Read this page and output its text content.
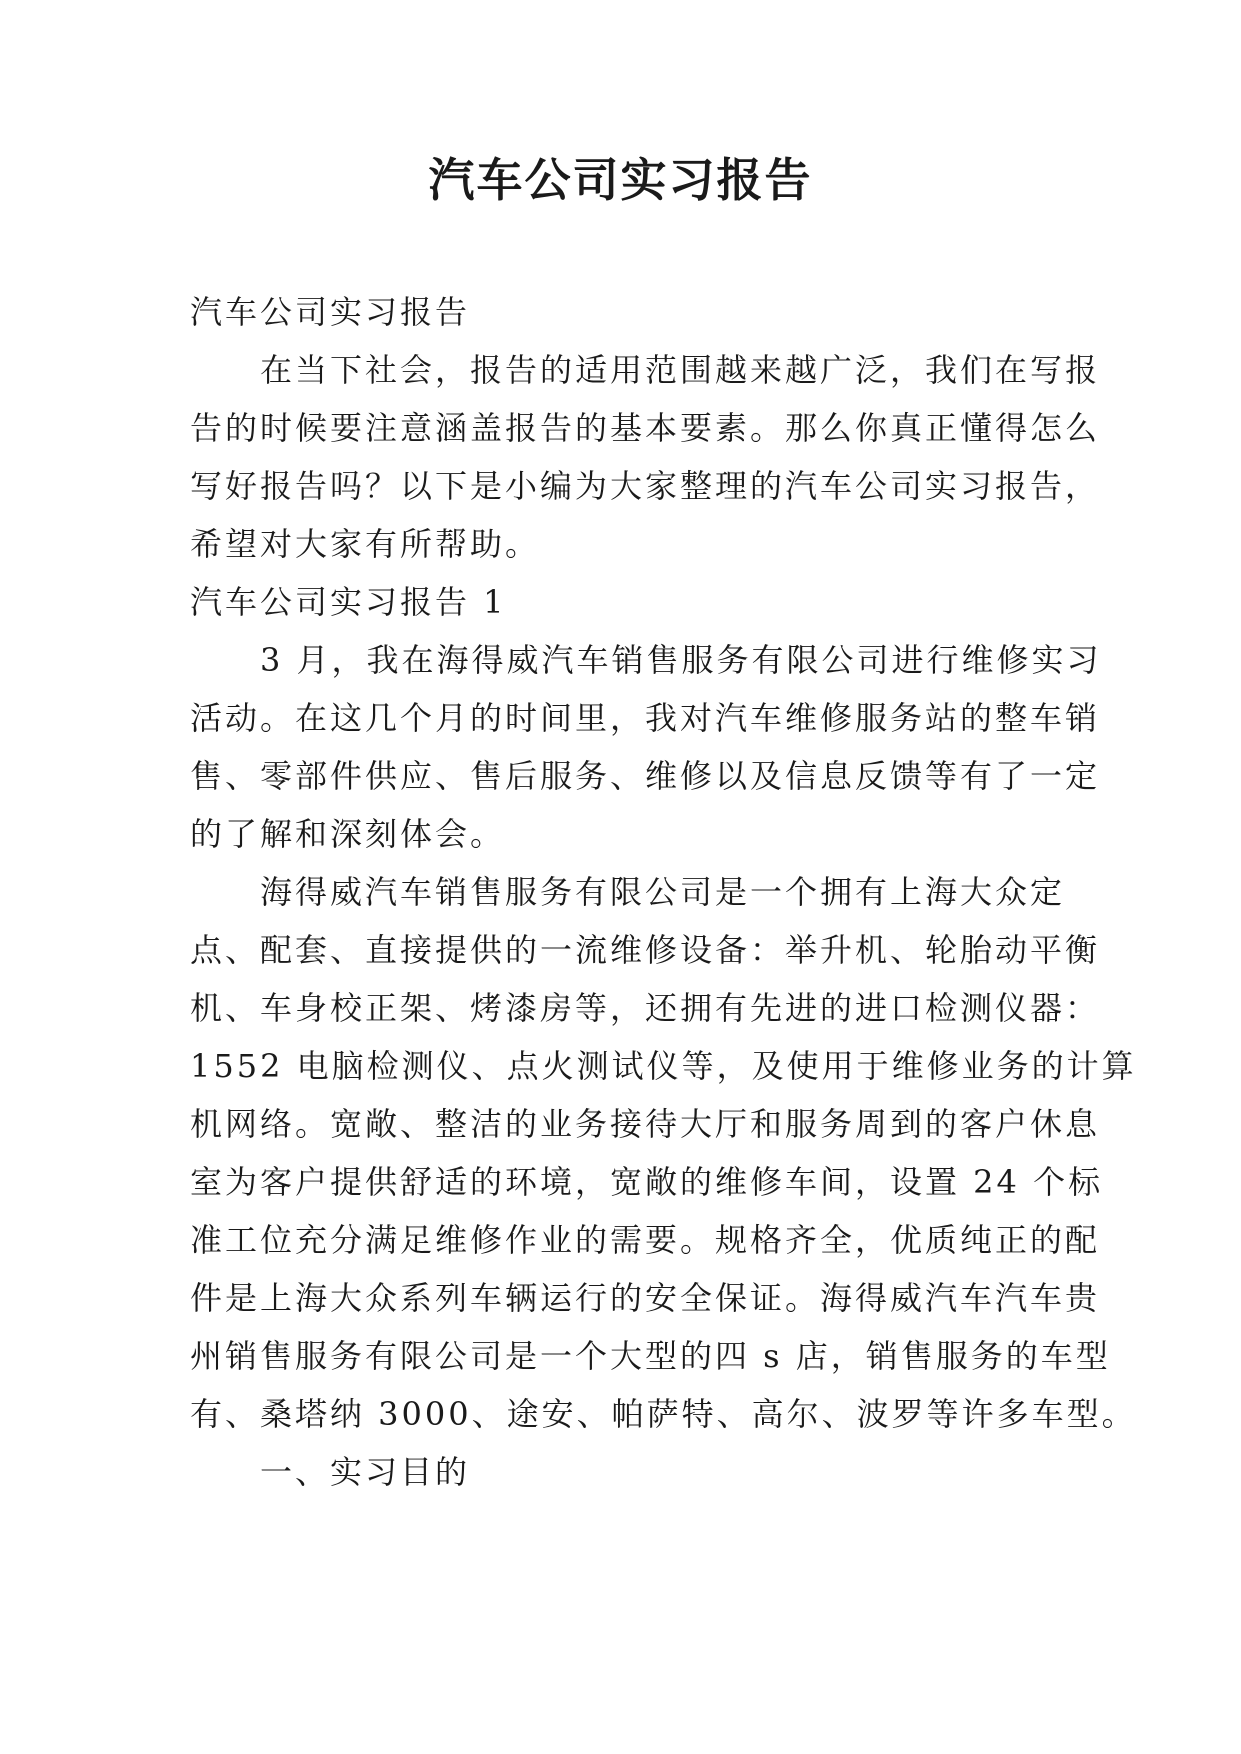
汽车公司实习报告
汽车公司实习报告
　　在当下社会，报告的适用范围越来越广泛，我们在写报
告的时候要注意涵盖报告的基本要素。那么你真正懂得怎么
写好报告吗？以下是小编为大家整理的汽车公司实习报告，
希望对大家有所帮助。
汽车公司实习报告 1
　　3 月，我在海得威汽车销售服务有限公司进行维修实习
活动。在这几个月的时间里，我对汽车维修服务站的整车销
售、零部件供应、售后服务、维修以及信息反馈等有了一定
的了解和深刻体会。
　　海得威汽车销售服务有限公司是一个拥有上海大众定
点、配套、直接提供的一流维修设备：举升机、轮胎动平衡
机、车身校正架、烤漆房等，还拥有先进的进口检测仪器：
1552 电脑检测仪、点火测试仪等，及使用于维修业务的计算
机网络。宽敞、整洁的业务接待大厅和服务周到的客户休息
室为客户提供舒适的环境，宽敞的维修车间，设置 24 个标
准工位充分满足维修作业的需要。规格齐全，优质纯正的配
件是上海大众系列车辆运行的安全保证。海得威汽车汽车贵
州销售服务有限公司是一个大型的四 s 店，销售服务的车型
有、桑塔纳 3000、途安、帕萨特、高尔、波罗等许多车型。
　　一、实习目的
